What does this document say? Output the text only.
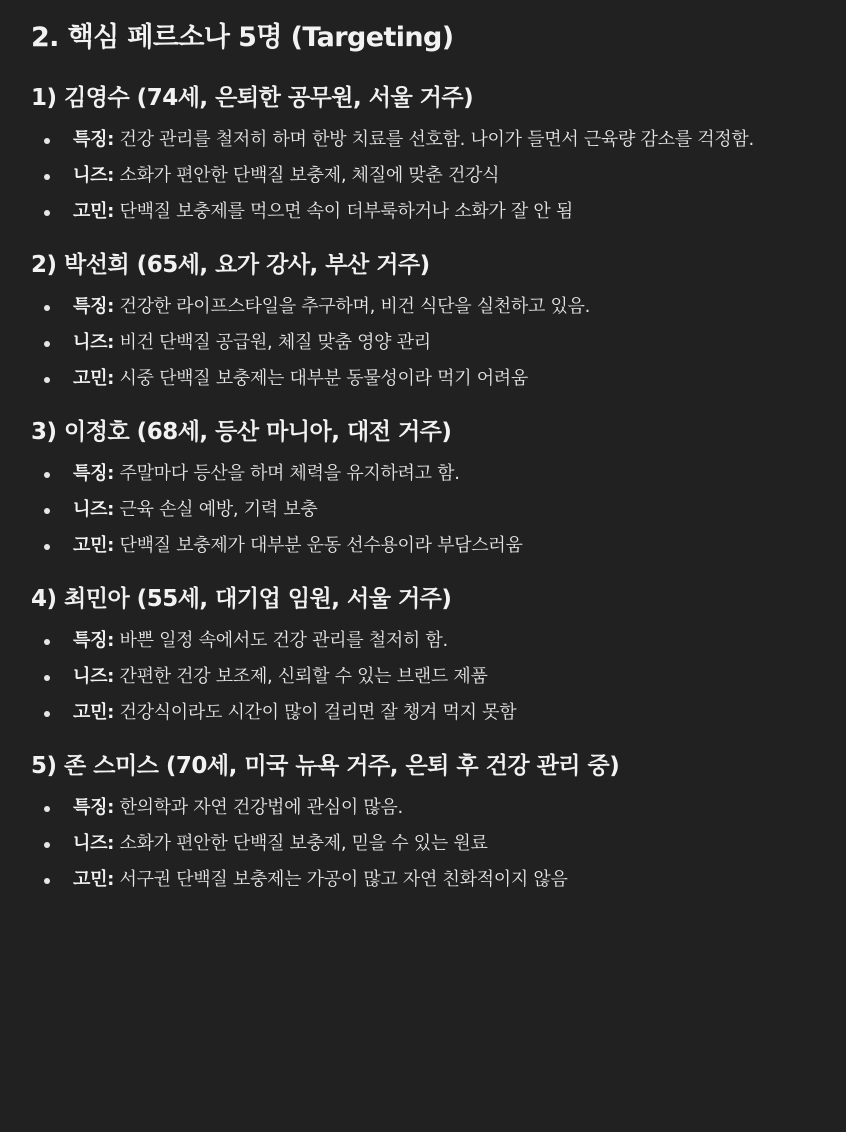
2. 핵심 페르소나 5명 (Targeting)
1) 김영수 (74세, 은퇴한 공무원, 서울 거주)
특징: 건강 관리를 철저히 하며 한방 치료를 선호함. 나이가 들면서 근육량 감소를 걱정함.
니즈: 소화가 편안한 단백질 보충제, 체질에 맞춘 건강식
고민: 단백질 보충제를 먹으면 속이 더부룩하거나 소화가 잘 안 됨
2) 박선희 (65세, 요가 강사, 부산 거주)
특징: 건강한 라이프스타일을 추구하며, 비건 식단을 실천하고 있음.
니즈: 비건 단백질 공급원, 체질 맞춤 영양 관리
고민: 시중 단백질 보충제는 대부분 동물성이라 먹기 어려움
3) 이정호 (68세, 등산 마니아, 대전 거주)
특징: 주말마다 등산을 하며 체력을 유지하려고 함.
니즈: 근육 손실 예방, 기력 보충
고민: 단백질 보충제가 대부분 운동 선수용이라 부담스러움
4) 최민아 (55세, 대기업 임원, 서울 거주)
특징: 바쁜 일정 속에서도 건강 관리를 철저히 함.
니즈: 간편한 건강 보조제, 신뢰할 수 있는 브랜드 제품
고민: 건강식이라도 시간이 많이 걸리면 잘 챙겨 먹지 못함
5) 존 스미스 (70세, 미국 뉴욕 거주, 은퇴 후 건강 관리 중)
특징: 한의학과 자연 건강법에 관심이 많음.
니즈: 소화가 편안한 단백질 보충제, 믿을 수 있는 원료
고민: 서구권 단백질 보충제는 가공이 많고 자연 친화적이지 않음
